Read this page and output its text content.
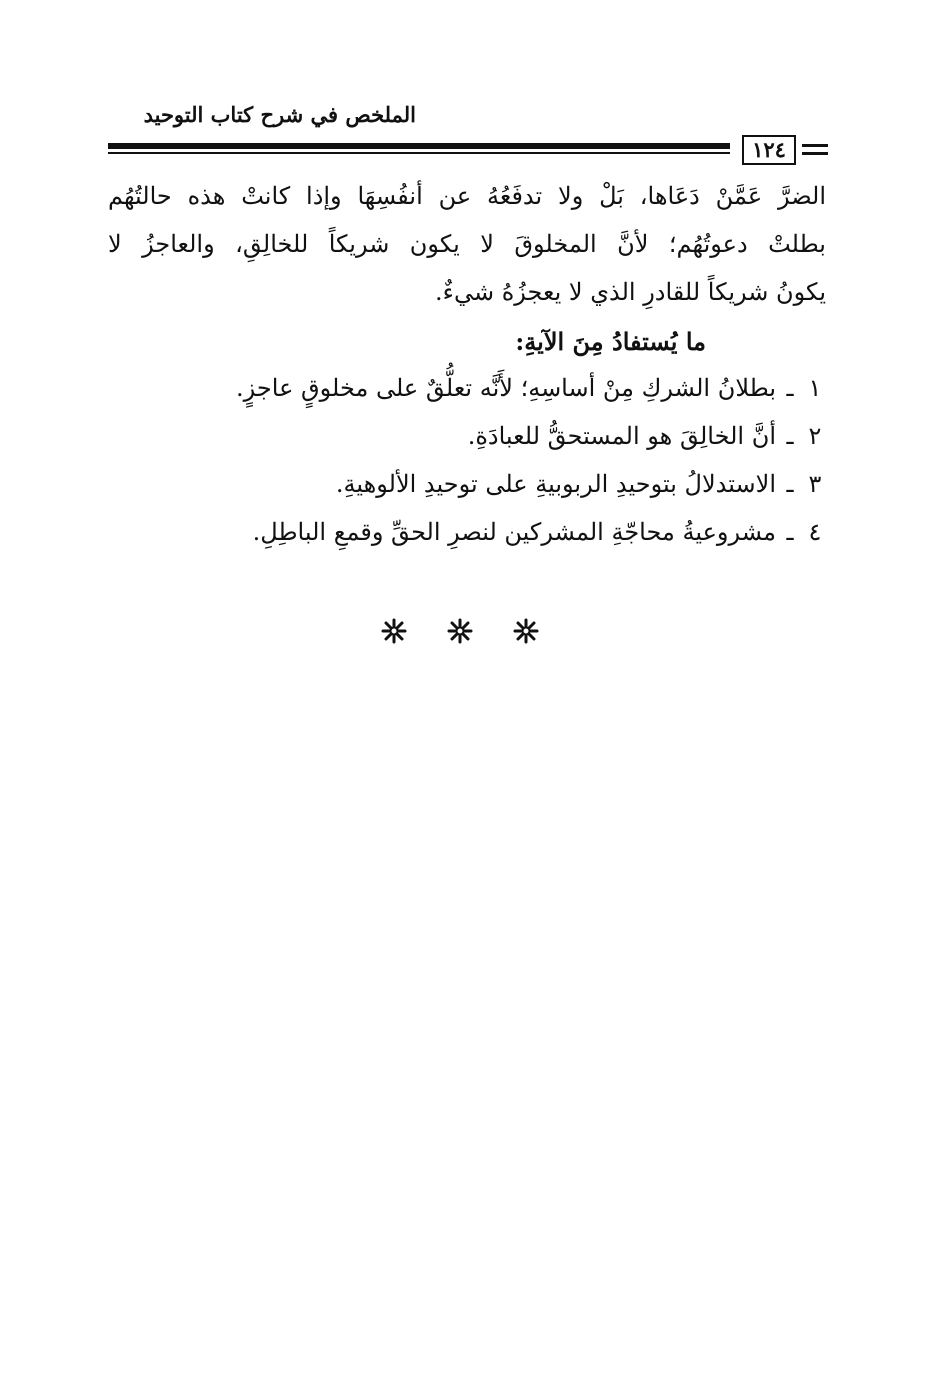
الملخص في شرح كتاب التوحيد
١٢٤
الضرَّ عَمَّنْ دَعَاها، بَلْ ولا تدفَعُهُ عن أنفُسِهَا وإذا كانتْ هذه حالتُهُم
بطلتْ دعوتُهُم؛ لأنَّ المخلوقَ لا يكون شريكاً للخالِقِ، والعاجزُ لا
يكونُ شريكاً للقادرِ الذي لا يعجزُهُ شيءٌ.
ما يُستفادُ مِنَ الآيةِ:
١
ـ
بطلانُ الشركِ مِنْ أساسِهِ؛ لأَنَّه تعلُّقٌ على مخلوقٍ عاجزٍ.
٢
ـ
أنَّ الخالِقَ هو المستحقُّ للعبادَةِ.
٣
ـ
الاستدلالُ بتوحيدِ الربوبيةِ على توحيدِ الألوهيةِ.
٤
ـ
مشروعيةُ محاجّةِ المشركين لنصرِ الحقِّ وقمعِ الباطِلِ.
